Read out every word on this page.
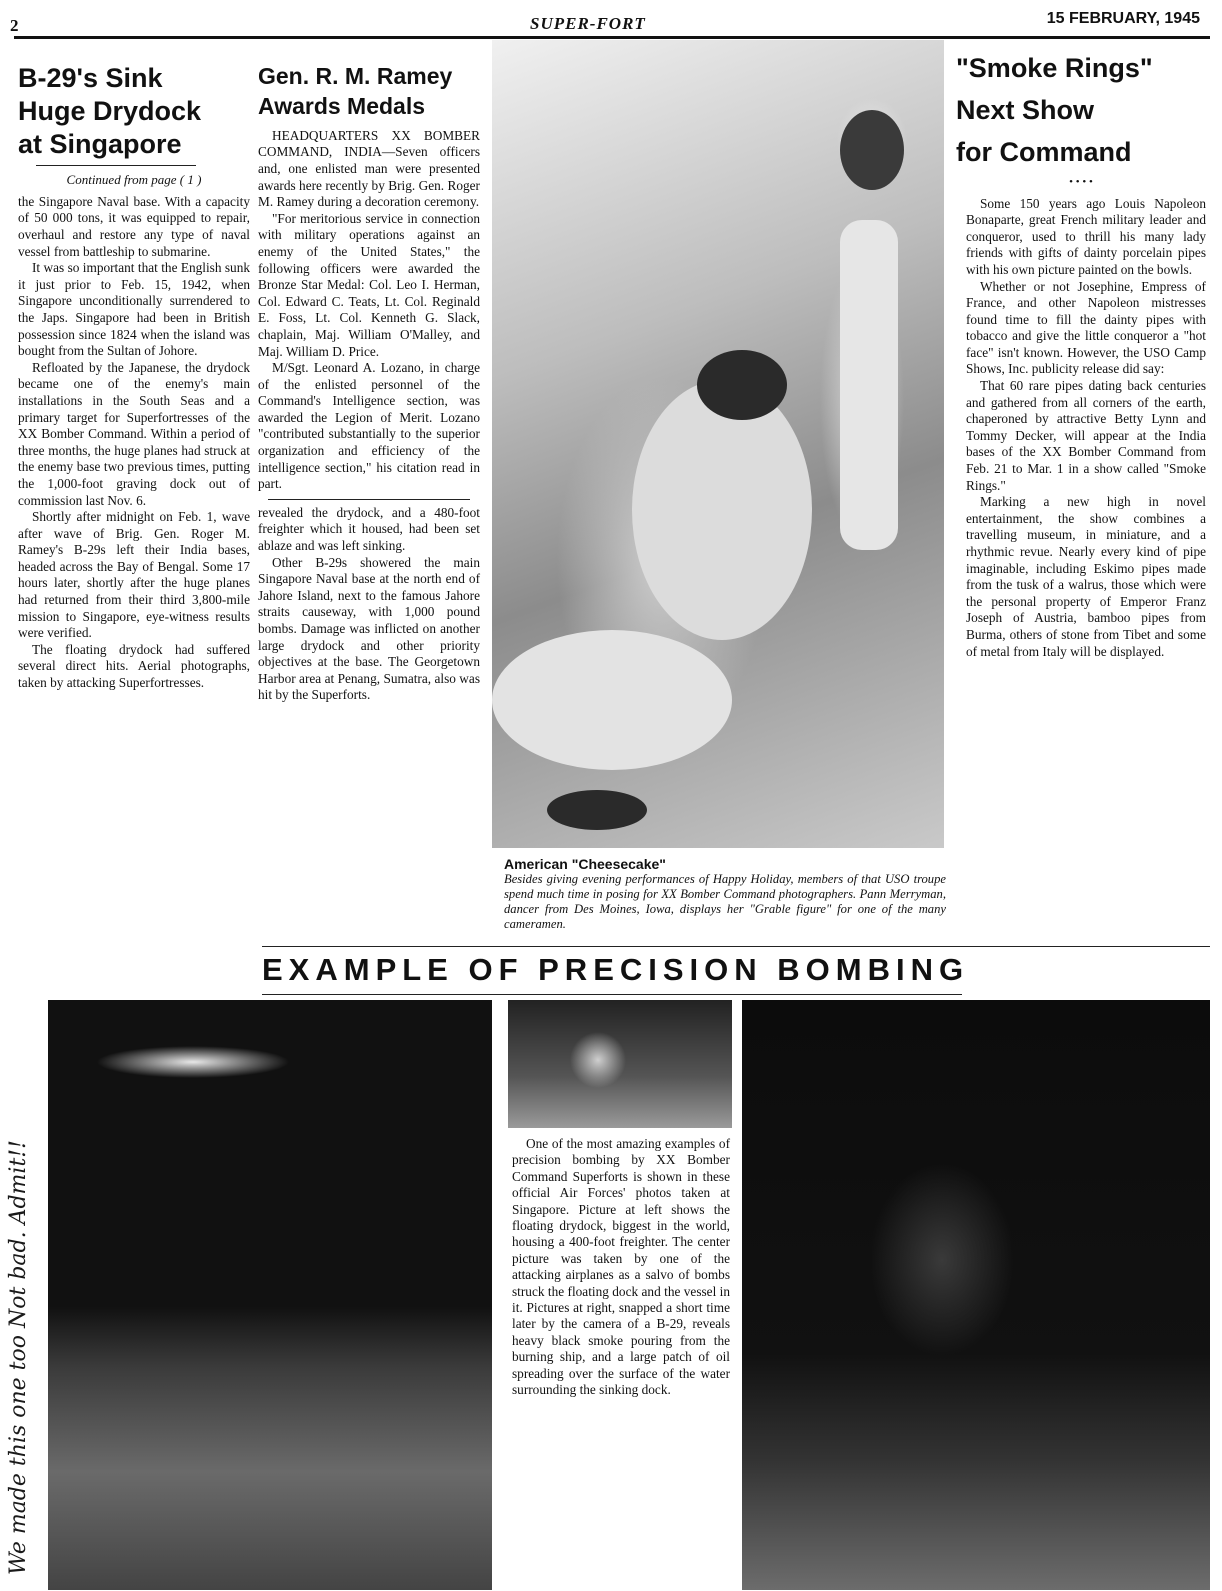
2	SUPER-FORT	15 FEBRUARY, 1945
B-29's Sink
Huge Drydock
at Singapore
Continued from page ( 1 )

the Singapore Naval base. With a capacity of 50 000 tons, it was equipped to repair, overhaul and restore any type of naval vessel from battleship to submarine.

It was so important that the English sunk it just prior to Feb. 15, 1942, when Singapore unconditionally surrendered to the Japs. Singapore had been in British possession since 1824 when the island was bought from the Sultan of Johore.

Refloated by the Japanese, the drydock became one of the enemy's main installations in the South Seas and a primary target for Superfortresses of the XX Bomber Command. Within a period of three months, the huge planes had struck at the enemy base two previous times, putting the 1,000-foot graving dock out of commission last Nov. 6.

Shortly after midnight on Feb. 1, wave after wave of Brig. Gen. Roger M. Ramey's B-29s left their India bases, headed across the Bay of Bengal. Some 17 hours later, shortly after the huge planes had returned from their third 3,800-mile mission to Singapore, eye-witness results were verified.

The floating drydock had suffered several direct hits. Aerial photographs, taken by attacking Superfortresses.

Gen. R. M. Ramey
Awards Medals

HEADQUARTERS XX BOMBER COMMAND, INDIA—Seven officers and, one enlisted man were presented awards here recently by Brig. Gen. Roger M. Ramey during a decoration ceremony.

"For meritorious service in connection with military operations against an enemy of the United States," the following officers were awarded the Bronze Star Medal: Col. Leo I. Herman, Col. Edward C. Teats, Lt. Col. Reginald E. Foss, Lt. Col. Kenneth G. Slack, chaplain, Maj. William O'Malley, and Maj. William D. Price.

M/Sgt. Leonard A. Lozano, in charge of the enlisted personnel of the Command's Intelligence section, was awarded the Legion of Merit. Lozano "contributed substantially to the superior organization and efficiency of the intelligence section," his citation read in part.

revealed the drydock, and a 480-foot freighter which it housed, had been set ablaze and was left sinking.

Other B-29s showered the main Singapore Naval base at the north end of Jahore Island, next to the famous Jahore straits causeway, with 1,000 pound bombs. Damage was inflicted on another large drydock and other priority objectives at the base. The Georgetown Harbor area at Penang, Sumatra, also was hit by the Superforts.

American "Cheesecake"
Besides giving evening performances of Happy Holiday, members of that USO troupe spend much time in posing for XX Bomber Command photographers. Pann Merryman, dancer from Des Moines, Iowa, displays her "Grable figure" for one of the many cameramen.
"Smoke Rings"
Next Show
for Command
• • • •

Some 150 years ago Louis Napoleon Bonaparte, great French military leader and conqueror, used to thrill his many lady friends with gifts of dainty porcelain pipes with his own picture painted on the bowls.

Whether or not Josephine, Empress of France, and other Napoleon mistresses found time to fill the dainty pipes with tobacco and give the little conqueror a "hot face" isn't known. However, the USO Camp Shows, Inc. publicity release did say:

That 60 rare pipes dating back centuries and gathered from all corners of the earth, chaperoned by attractive Betty Lynn and Tommy Decker, will appear at the India bases of the XX Bomber Command from Feb. 21 to Mar. 1 in a show called "Smoke Rings."

Marking a new high in novel entertainment, the show combines a travelling museum, in miniature, and a rhythmic revue. Nearly every kind of pipe imaginable, including Eskimo pipes made from the tusk of a walrus, those which were the personal property of Emperor Franz Joseph of Austria, bamboo pipes from Burma, others of stone from Tibet and some of metal from Italy will be displayed.

EXAMPLE OF PRECISION BOMBING

One of the most amazing examples of precision bombing by XX Bomber Command Superforts is shown in these official Air Forces' photos taken at Singapore. Picture at left shows the floating drydock, biggest in the world, housing a 400-foot freighter. The center picture was taken by one of the attacking airplanes as a salvo of bombs struck the floating dock and the vessel in it. Pictures at right, snapped a short time later by the camera of a B-29, reveals heavy black smoke pouring from the burning ship, and a large patch of oil spreading over the surface of the water surrounding the sinking dock.

We made this one too Not bad. Admit!!
